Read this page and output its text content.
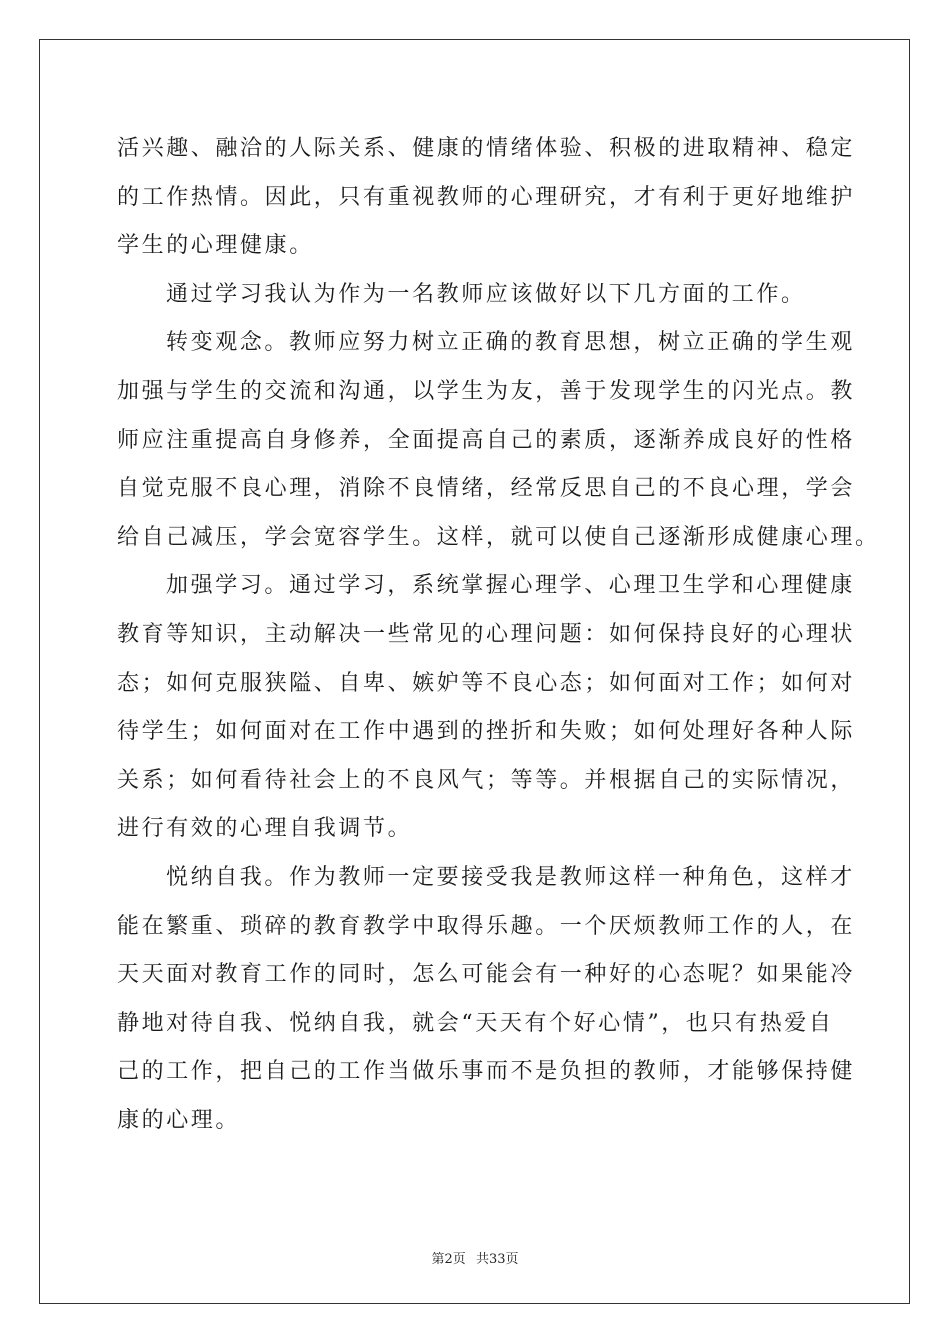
活兴趣、融洽的人际关系、健康的情绪体验、积极的进取精神、稳定
的工作热情。因此，只有重视教师的心理研究，才有利于更好地维护
学生的心理健康。
通过学习我认为作为一名教师应该做好以下几方面的工作。
转变观念。教师应努力树立正确的教育思想，树立正确的学生观
加强与学生的交流和沟通，以学生为友，善于发现学生的闪光点。教
师应注重提高自身修养，全面提高自己的素质，逐渐养成良好的性格
自觉克服不良心理，消除不良情绪，经常反思自己的不良心理，学会
给自己减压，学会宽容学生。这样，就可以使自己逐渐形成健康心理。
加强学习。通过学习，系统掌握心理学、心理卫生学和心理健康
教育等知识，主动解决一些常见的心理问题：如何保持良好的心理状
态；如何克服狭隘、自卑、嫉妒等不良心态；如何面对工作；如何对
待学生；如何面对在工作中遇到的挫折和失败；如何处理好各种人际
关系；如何看待社会上的不良风气；等等。并根据自己的实际情况，
进行有效的心理自我调节。
悦纳自我。作为教师一定要接受我是教师这样一种角色，这样才
能在繁重、琐碎的教育教学中取得乐趣。一个厌烦教师工作的人，在
天天面对教育工作的同时，怎么可能会有一种好的心态呢？如果能冷
静地对待自我、悦纳自我，就会“天天有个好心情”，也只有热爱自
己的工作，把自己的工作当做乐事而不是负担的教师，才能够保持健
康的心理。
第2页 共33页
